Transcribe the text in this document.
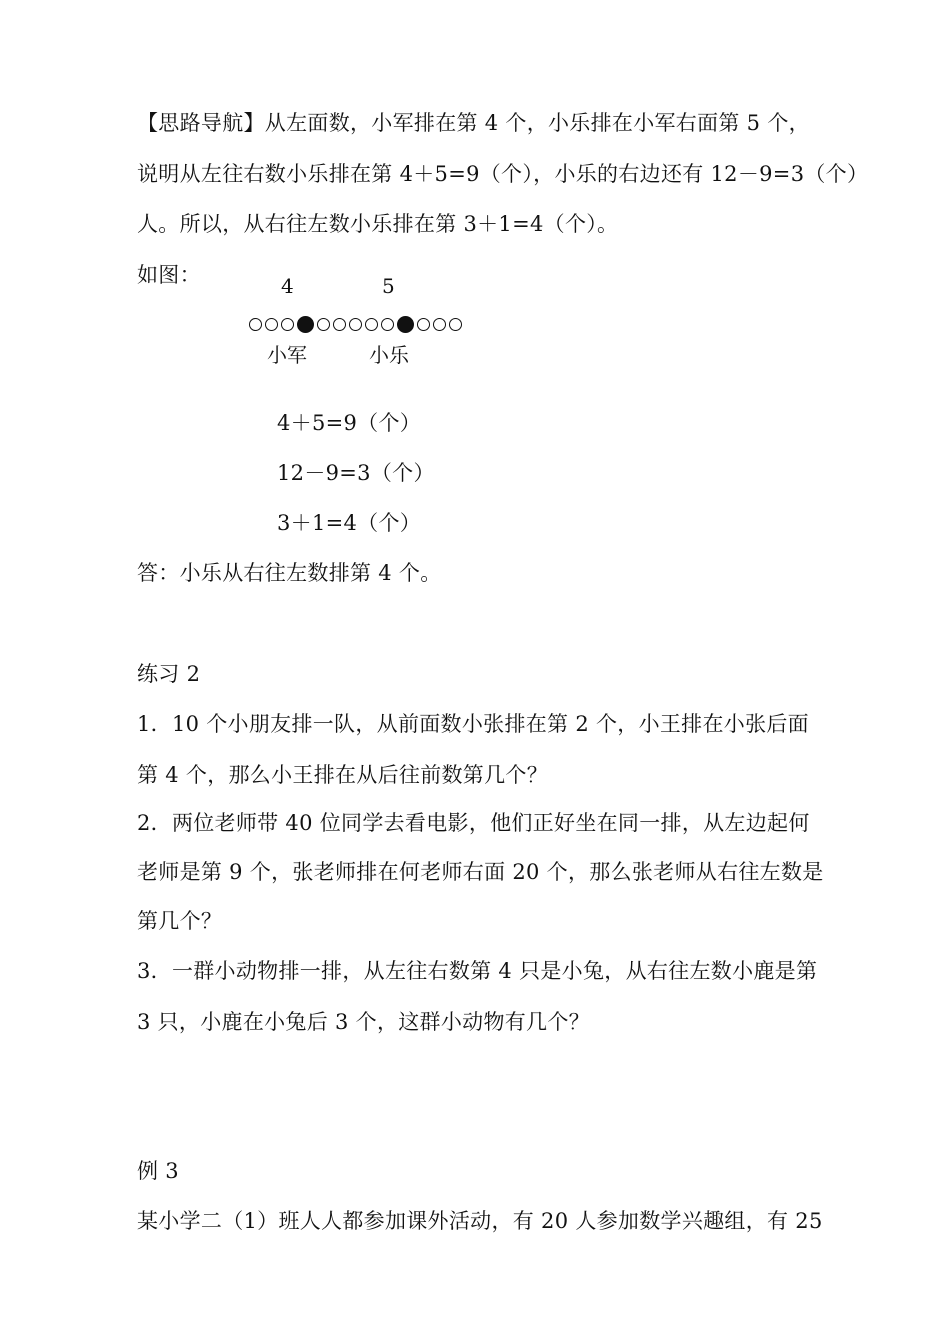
【思路导航】从左面数，小军排在第 4 个，小乐排在小军右面第 5 个，
说明从左往右数小乐排在第 4＋5=9（个），小乐的右边还有 12－9=3（个）
人。所以，从右往左数小乐排在第 3＋1=4（个）。
如图：	4	5
小军	小乐
4＋5=9（个）
12－9=3（个）
3＋1=4（个）
答：小乐从右往左数排第 4 个。
练习 2
1．10 个小朋友排一队，从前面数小张排在第 2 个，小王排在小张后面
第 4 个，那么小王排在从后往前数第几个？
2．两位老师带 40 位同学去看电影，他们正好坐在同一排，从左边起何
老师是第 9 个，张老师排在何老师右面 20 个，那么张老师从右往左数是
第几个？
3．一群小动物排一排，从左往右数第 4 只是小兔，从右往左数小鹿是第
3 只，小鹿在小兔后 3 个，这群小动物有几个？
例 3
某小学二（1）班人人都参加课外活动，有 20 人参加数学兴趣组，有 25
